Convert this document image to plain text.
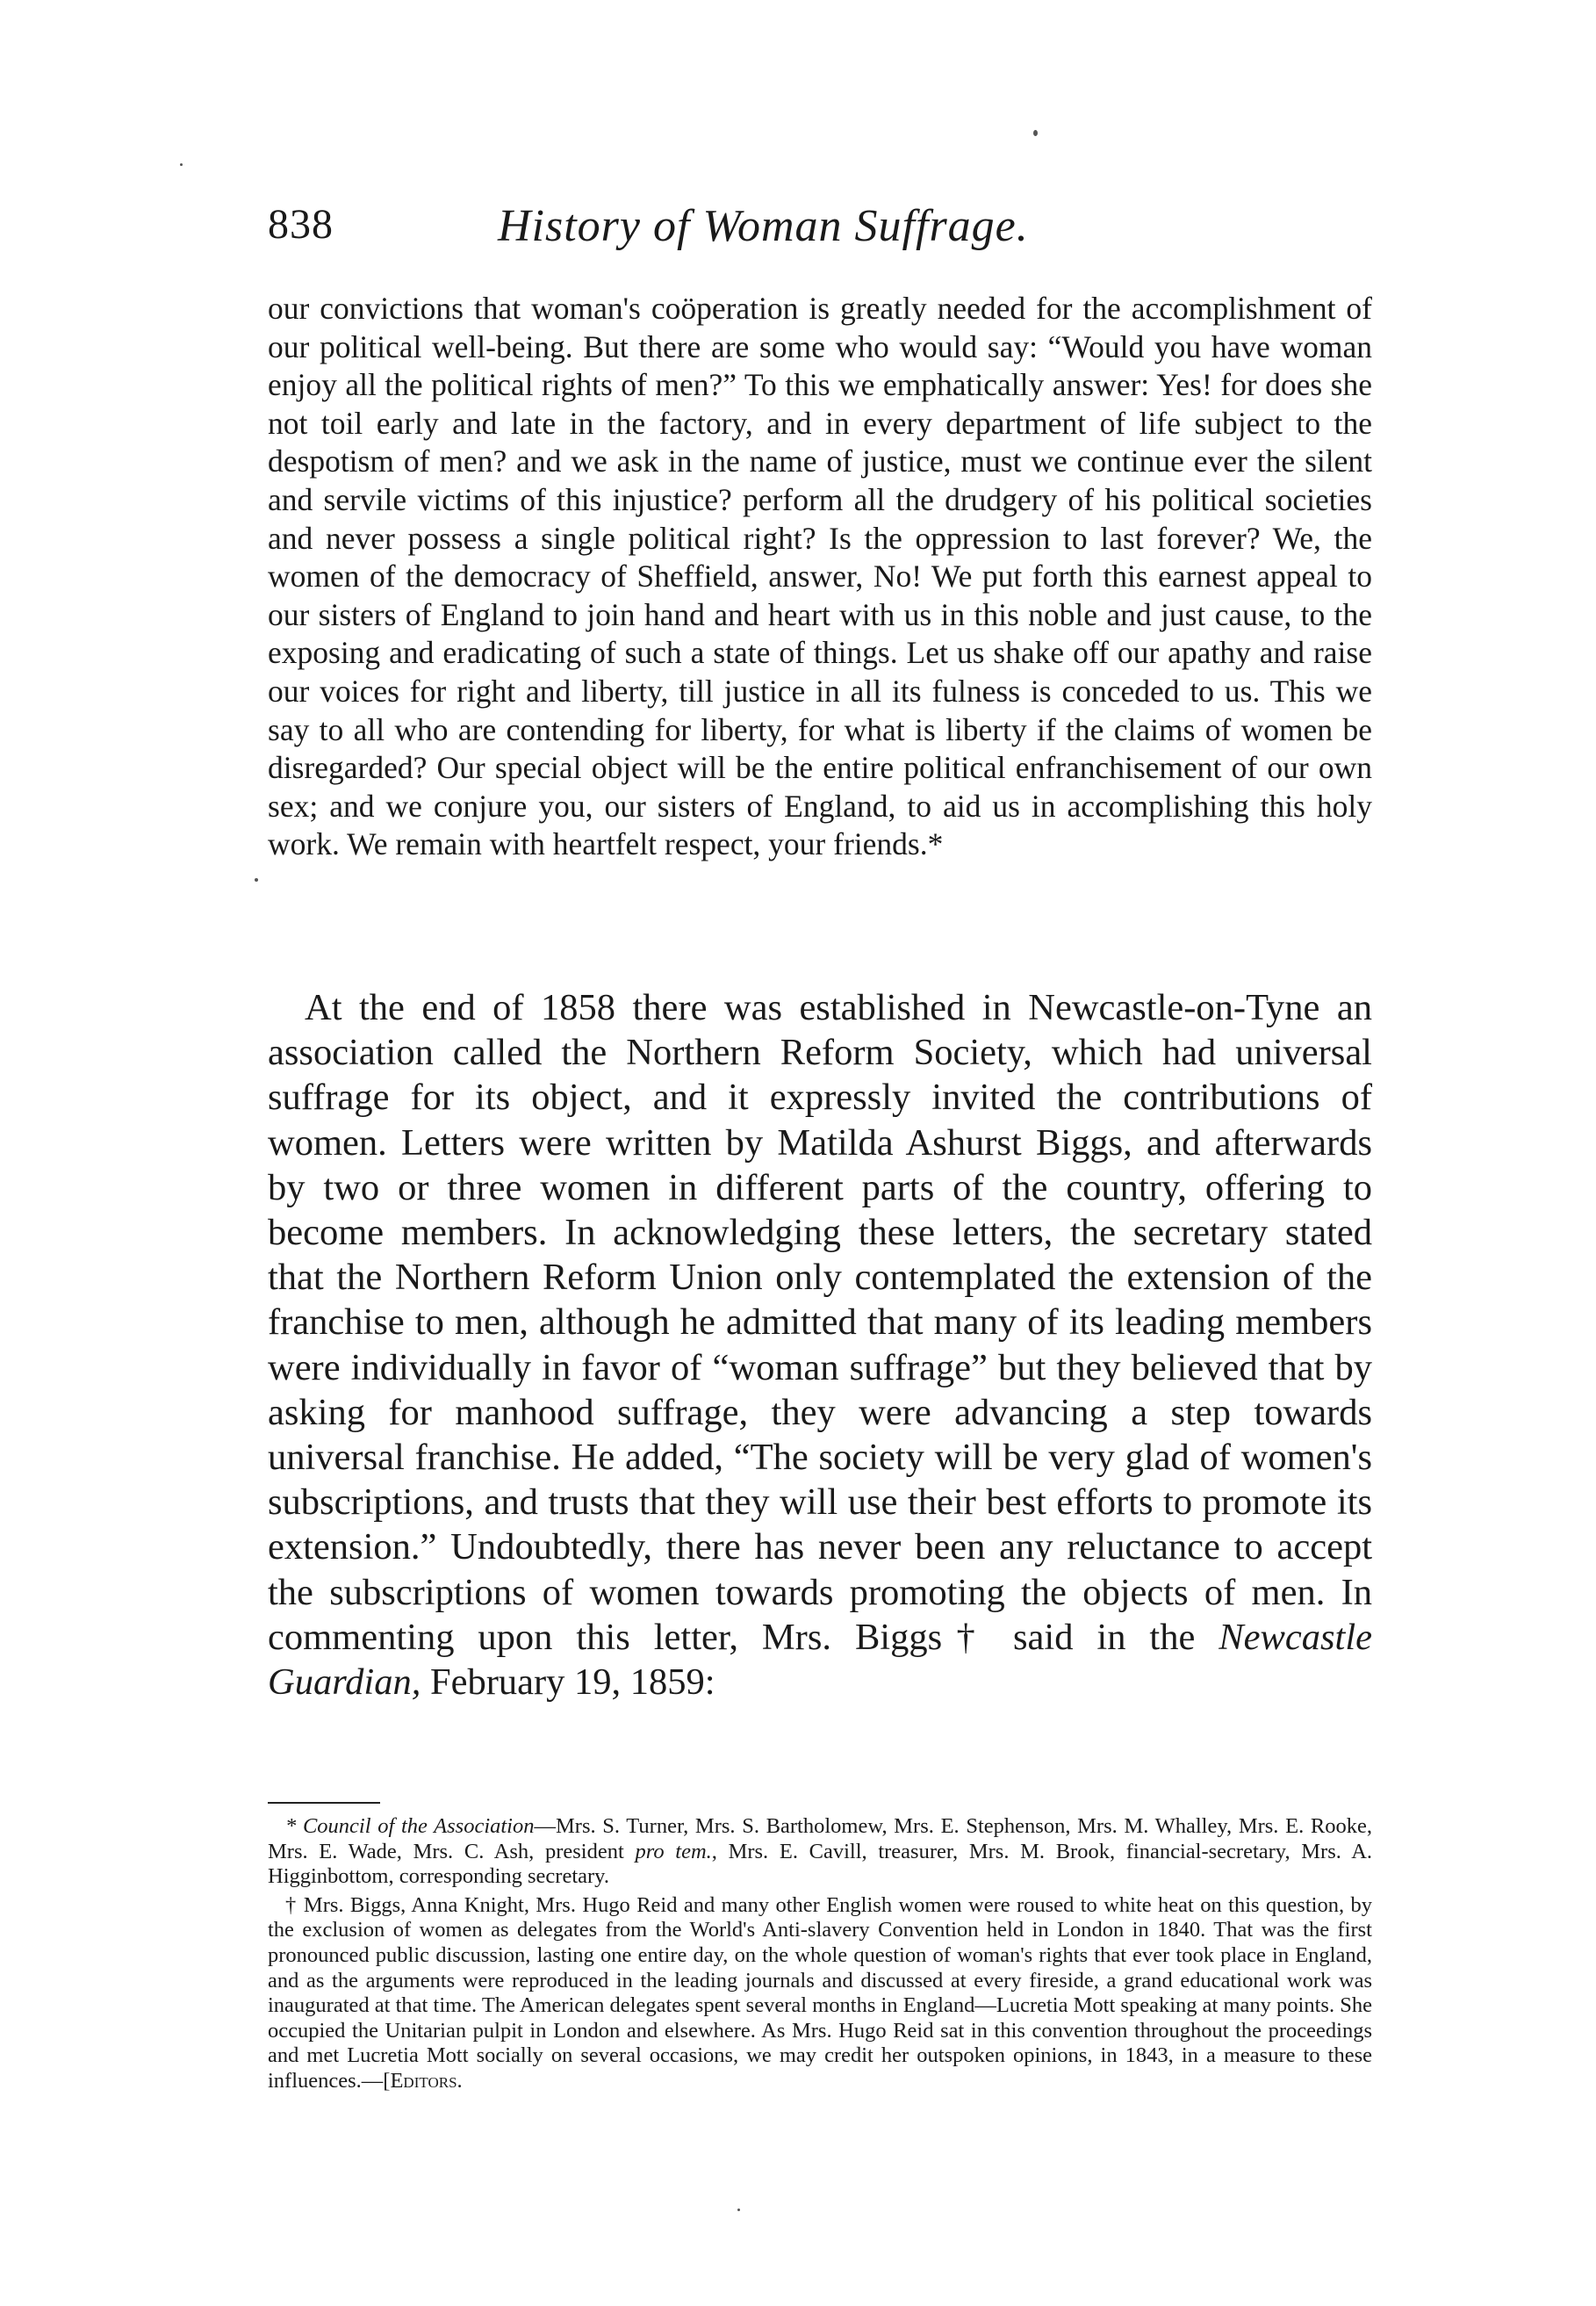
838	History of Woman Suffrage.

our convictions that woman's coöperation is greatly needed for the accomplishment of our political well-being. But there are some who would say: “Would you have woman enjoy all the political rights of men?” To this we emphatically answer: Yes! for does she not toil early and late in the factory, and in every department of life subject to the despotism of men? and we ask in the name of justice, must we continue ever the silent and servile victims of this injustice? perform all the drudgery of his political societies and never possess a single political right? Is the oppression to last forever? We, the women of the democracy of Sheffield, answer, No! We put forth this earnest appeal to our sisters of England to join hand and heart with us in this noble and just cause, to the exposing and eradicating of such a state of things. Let us shake off our apathy and raise our voices for right and liberty, till justice in all its fulness is conceded to us. This we say to all who are contending for liberty, for what is liberty if the claims of women be disregarded? Our special object will be the entire political enfranchisement of our own sex; and we conjure you, our sisters of England, to aid us in accomplishing this holy work. We remain with heartfelt respect, your friends.*

At the end of 1858 there was established in Newcastle-on-Tyne an association called the Northern Reform Society, which had universal suffrage for its object, and it expressly invited the contributions of women. Letters were written by Matilda Ashurst Biggs, and afterwards by two or three women in different parts of the country, offering to become members. In acknowledging these letters, the secretary stated that the Northern Reform Union only contemplated the extension of the franchise to men, although he admitted that many of its leading members were individually in favor of “woman suffrage” but they believed that by asking for manhood suffrage, they were advancing a step towards universal franchise. He added, “The society will be very glad of women's subscriptions, and trusts that they will use their best efforts to promote its extension.” Undoubtedly, there has never been any reluctance to accept the subscriptions of women towards promoting the objects of men. In commenting upon this letter, Mrs. Biggs† said in the Newcastle Guardian, February 19, 1859:

* Council of the Association—Mrs. S. Turner, Mrs. S. Bartholomew, Mrs. E. Stephenson, Mrs. M. Whalley, Mrs. E. Rooke, Mrs. E. Wade, Mrs. C. Ash, president pro tem., Mrs. E. Cavill, treasurer, Mrs. M. Brook, financial-secretary, Mrs. A. Higginbottom, corresponding secretary.

† Mrs. Biggs, Anna Knight, Mrs. Hugo Reid and many other English women were roused to white heat on this question, by the exclusion of women as delegates from the World's Anti-slavery Convention held in London in 1840. That was the first pronounced public discussion, lasting one entire day, on the whole question of woman's rights that ever took place in England, and as the arguments were reproduced in the leading journals and discussed at every fireside, a grand educational work was inaugurated at that time. The American delegates spent several months in England—Lucretia Mott speaking at many points. She occupied the Unitarian pulpit in London and elsewhere. As Mrs. Hugo Reid sat in this convention throughout the proceedings and met Lucretia Mott socially on several occasions, we may credit her outspoken opinions, in 1843, in a measure to these influences.—[Editors.
